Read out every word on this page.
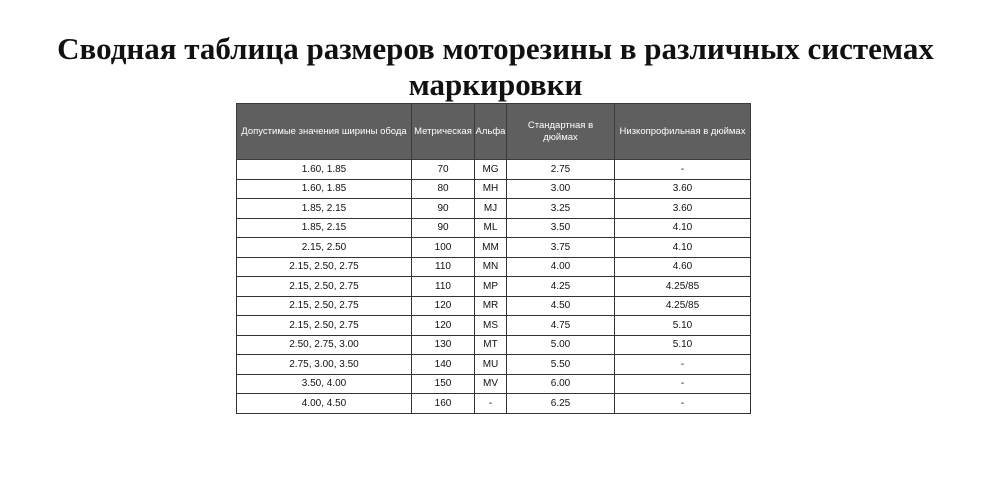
Сводная таблица размеров моторезины в различных системах маркировки
Допустимые значения ширины обода	Метрическая	Альфа	Стандартная в дюймах	Низкопрофильная в дюймах
1.60, 1.85	70	MG	2.75	-
1.60, 1.85	80	MH	3.00	3.60
1.85, 2.15	90	MJ	3.25	3.60
1.85, 2.15	90	ML	3.50	4.10
2.15, 2.50	100	MM	3.75	4.10
2.15, 2.50, 2.75	110	MN	4.00	4.60
2.15, 2.50, 2.75	110	MP	4.25	4.25/85
2.15, 2.50, 2.75	120	MR	4.50	4.25/85
2.15, 2.50, 2.75	120	MS	4.75	5.10
2.50, 2.75, 3.00	130	MT	5.00	5.10
2.75, 3.00, 3.50	140	MU	5.50	-
3.50, 4.00	150	MV	6.00	-
4.00, 4.50	160	-	6.25	-
